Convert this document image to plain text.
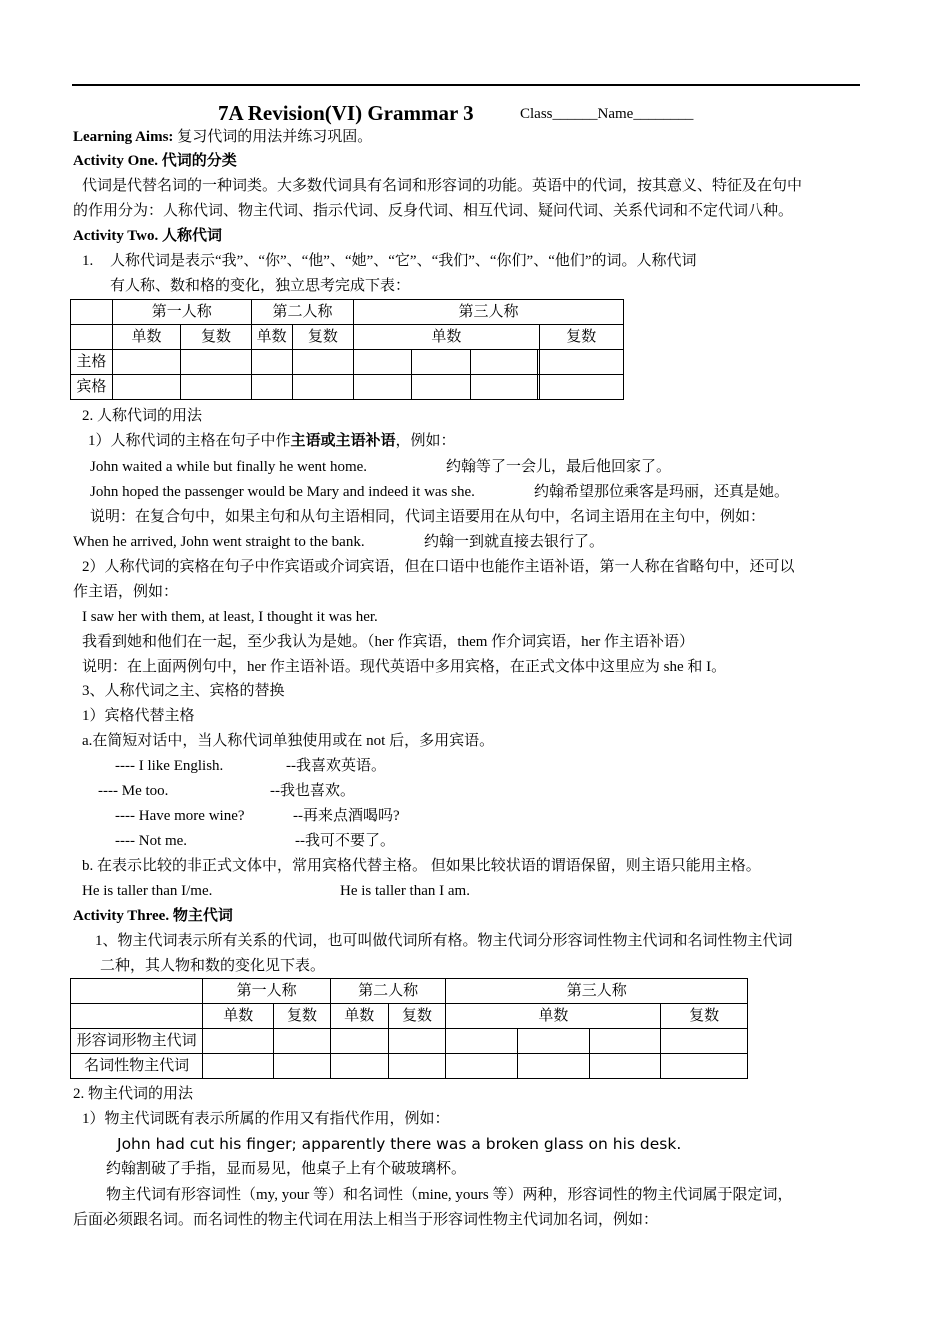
7A Revision(VI) Grammar 3	Class______Name________
Learning Aims: 复习代词的用法并练习巩固。
Activity One. 代词的分类
代词是代替名词的一种词类。大多数代词具有名词和形容词的功能。英语中的代词，按其意义、特征及在句中
的作用分为：人称代词、物主代词、指示代词、反身代词、相互代词、疑问代词、关系代词和不定代词八种。
Activity Two. 人称代词
1. 人称代词是表示“我”、“你”、“他”、“她”、“它”、“我们”、“你们”、“他们”的词。人称代词
有人称、数和格的变化，独立思考完成下表：
	第一人称		第二人称		第三人称				
	单数	复数	单数	复数	单数				复数
主格									
宾格									
2. 人称代词的用法
1）人称代词的主格在句子中作主语或主语补语，例如：
John waited a while but finally he went home.	约翰等了一会儿，最后他回家了。
John hoped the passenger would be Mary and indeed it was she.	约翰希望那位乘客是玛丽，还真是她。
说明：在复合句中，如果主句和从句主语相同，代词主语要用在从句中，名词主语用在主句中，例如：
When he arrived, John went straight to the bank.	约翰一到就直接去银行了。
2）人称代词的宾格在句子中作宾语或介词宾语，但在口语中也能作主语补语，第一人称在省略句中，还可以
作主语，例如：
I saw her with them, at least, I thought it was her.
我看到她和他们在一起，至少我认为是她。（her 作宾语，them 作介词宾语，her 作主语补语）
说明：在上面两例句中，her 作主语补语。现代英语中多用宾格，在正式文体中这里应为 she 和 I。
3、人称代词之主、宾格的替换
1）宾格代替主格
a.在简短对话中，当人称代词单独使用或在 not 后，多用宾语。
---- I like English.	--我喜欢英语。
---- Me too.	--我也喜欢。
---- Have more wine?	--再来点酒喝吗?
---- Not me.	--我可不要了。
b. 在表示比较的非正式文体中，常用宾格代替主格。 但如果比较状语的谓语保留，则主语只能用主格。
He is taller than I/me.	He is taller than I am.
Activity Three. 物主代词
1、物主代词表示所有关系的代词，也可叫做代词所有格。物主代词分形容词性物主代词和名词性物主代词
二种，其人物和数的变化见下表。
	第一人称		第二人称		第三人称			
	单数	复数	单数	复数	单数			复数
形容词形物主代词								
名词性物主代词								
2. 物主代词的用法
1）物主代词既有表示所属的作用又有指代作用，例如：
John had cut his finger; apparently there was a broken glass on his desk.
约翰割破了手指，显而易见，他桌子上有个破玻璃杯。
物主代词有形容词性（my, your 等）和名词性（mine, yours 等）两种，形容词性的物主代词属于限定词，
后面必须跟名词。而名词性的物主代词在用法上相当于形容词性物主代词加名词，例如：
